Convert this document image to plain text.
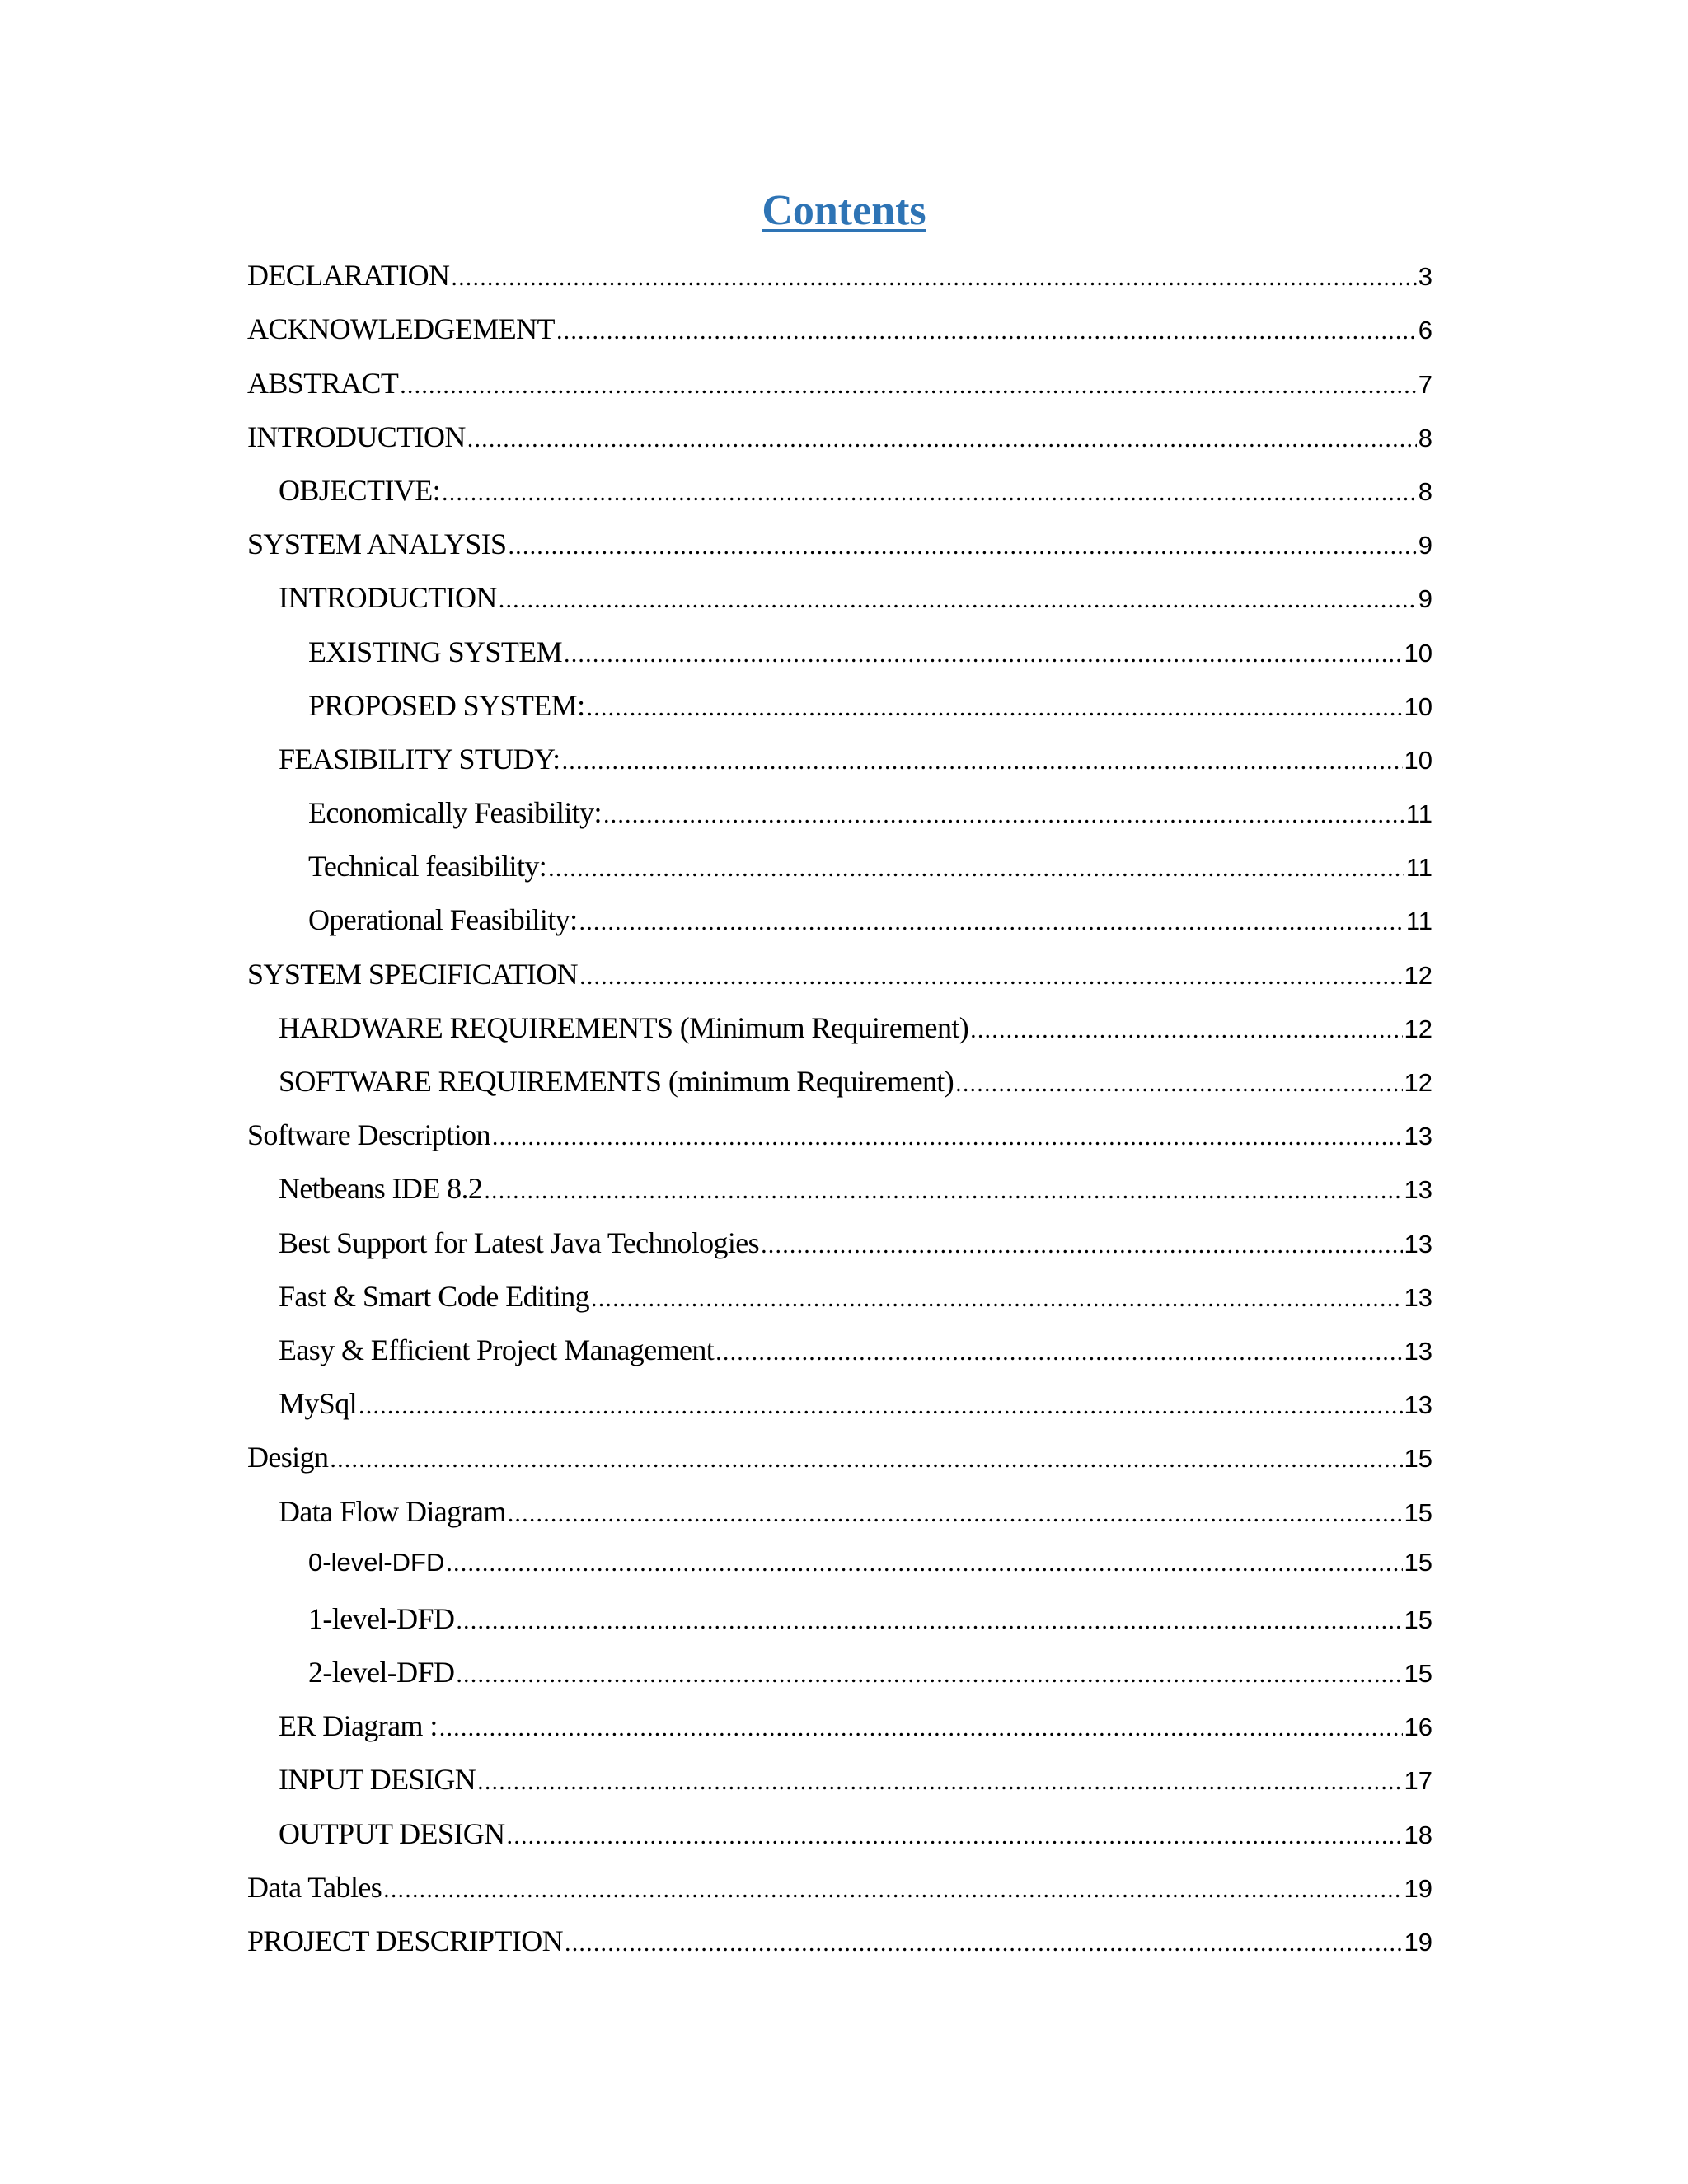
Contents
DECLARATION .....	3
ACKNOWLEDGEMENT .....	6
ABSTRACT .....	7
INTRODUCTION .....	8
OBJECTIVE: .....	8
SYSTEM ANALYSIS .....	9
INTRODUCTION .....	9
EXISTING SYSTEM .....	10
PROPOSED SYSTEM: .....	10
FEASIBILITY STUDY: .....	10
Economically Feasibility: .....	11
Technical feasibility: .....	11
Operational Feasibility: .....	11
SYSTEM SPECIFICATION .....	12
HARDWARE REQUIREMENTS (Minimum Requirement) .....	12
SOFTWARE REQUIREMENTS (minimum Requirement) .....	12
Software Description .....	13
Netbeans IDE 8.2 .....	13
Best Support for Latest Java Technologies .....	13
Fast & Smart Code Editing .....	13
Easy & Efficient Project Management .....	13
MySql .....	13
Design .....	15
Data Flow Diagram .....	15
0-level-DFD .....	15
1-level-DFD .....	15
2-level-DFD .....	15
ER Diagram : .....	16
INPUT DESIGN .....	17
OUTPUT DESIGN .....	18
Data Tables .....	19
PROJECT DESCRIPTION .....	19
